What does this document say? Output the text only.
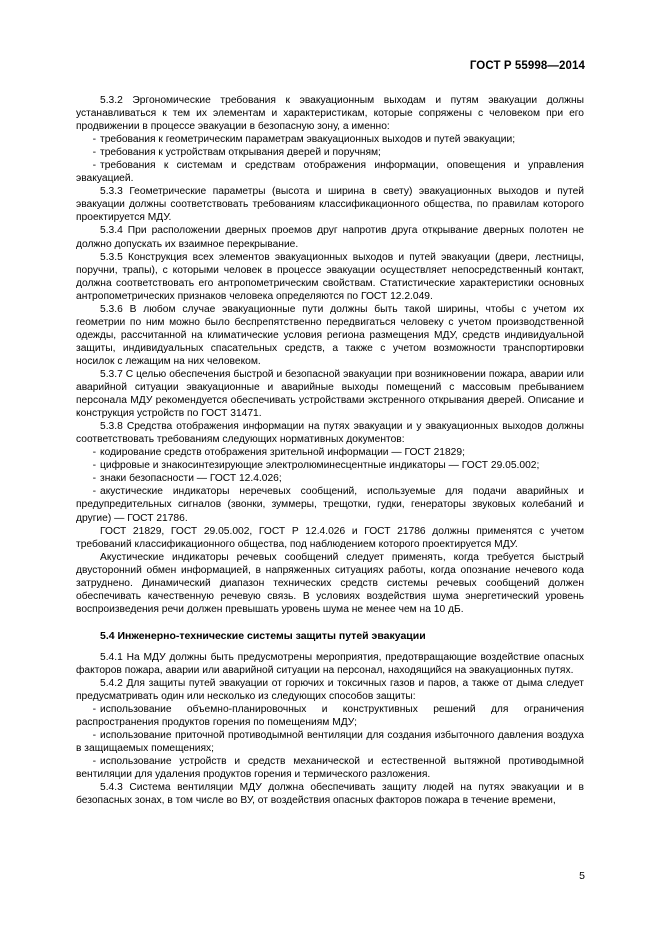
ГОСТ Р 55998—2014

5.3.2 Эргономические требования к эвакуационным выходам и путям эвакуации должны устанавливаться к тем их элементам и характеристикам, которые сопряжены с человеком при его продвижении в процессе эвакуации в безопасную зону, а именно:

- требования к геометрическим параметрам эвакуационных выходов и путей эвакуации;

- требования к устройствам открывания дверей и поручням;

- требования к системам и средствам отображения информации, оповещения и управления эвакуацией.

5.3.3 Геометрические параметры (высота и ширина в свету) эвакуационных выходов и путей эвакуации должны соответствовать требованиям классификационного общества, по правилам которого проектируется МДУ.

5.3.4 При расположении дверных проемов друг напротив друга открывание дверных полотен не должно допускать их взаимное перекрывание.

5.3.5 Конструкция всех элементов эвакуационных выходов и путей эвакуации (двери, лестницы, поручни, трапы), с которыми человек в процессе эвакуации осуществляет непосредственный контакт, должна соответствовать его антропометрическим свойствам. Статистические характеристики основных антропометрических признаков человека определяются по ГОСТ 12.2.049.

5.3.6 В любом случае эвакуационные пути должны быть такой ширины, чтобы с учетом их геометрии по ним можно было беспрепятственно передвигаться человеку с учетом производственной одежды, рассчитанной на климатические условия региона размещения МДУ, средств индивидуальной защиты, индивидуальных спасательных средств, а также с учетом возможности транспортировки носилок с лежащим на них человеком.

5.3.7 С целью обеспечения быстрой и безопасной эвакуации при возникновении пожара, аварии или аварийной ситуации эвакуационные и аварийные выходы помещений с массовым пребыванием персонала МДУ рекомендуется обеспечивать устройствами экстренного открывания дверей. Описание и конструкция устройств по ГОСТ 31471.

5.3.8 Средства отображения информации на путях эвакуации и у эвакуационных выходов должны соответствовать требованиям следующих нормативных документов:

- кодирование средств отображения зрительной информации — ГОСТ 21829;

- цифровые и знакосинтезирующие электролюминесцентные индикаторы — ГОСТ 29.05.002;

- знаки безопасности — ГОСТ 12.4.026;

- акустические индикаторы неречевых сообщений, используемые для подачи аварийных и предупредительных сигналов (звонки, зуммеры, трещотки, гудки, генераторы звуковых колебаний и другие) — ГОСТ 21786.

ГОСТ 21829, ГОСТ 29.05.002, ГОСТ Р 12.4.026 и ГОСТ 21786 должны применятся с учетом требований классификационного общества, под наблюдением которого проектируется МДУ.

Акустические индикаторы речевых сообщений следует применять, когда требуется быстрый двусторонний обмен информацией, в напряженных ситуациях работы, когда опознание нечевого кода затруднено. Динамический диапазон технических средств системы речевых сообщений должен обеспечивать качественную речевую связь. В условиях воздействия шума энергетический уровень воспроизведения речи должен превышать уровень шума не менее чем на 10 дБ.

5.4 Инженерно-технические системы защиты путей эвакуации

5.4.1 На МДУ должны быть предусмотрены мероприятия, предотвращающие воздействие опасных факторов пожара, аварии или аварийной ситуации на персонал, находящийся на эвакуационных путях.

5.4.2 Для защиты путей эвакуации от горючих и токсичных газов и паров, а также от дыма следует предусматривать один или несколько из следующих способов защиты:

- использование объемно-планировочных и конструктивных решений для ограничения распространения продуктов горения по помещениям МДУ;

- использование приточной противодымной вентиляции для создания избыточного давления воздуха в защищаемых помещениях;

- использование устройств и средств механической и естественной вытяжной противодымной вентиляции для удаления продуктов горения и термического разложения.

5.4.3 Система вентиляции МДУ должна обеспечивать защиту людей на путях эвакуации и в безопасных зонах, в том числе во ВУ, от воздействия опасных факторов пожара в течение времени,

5
